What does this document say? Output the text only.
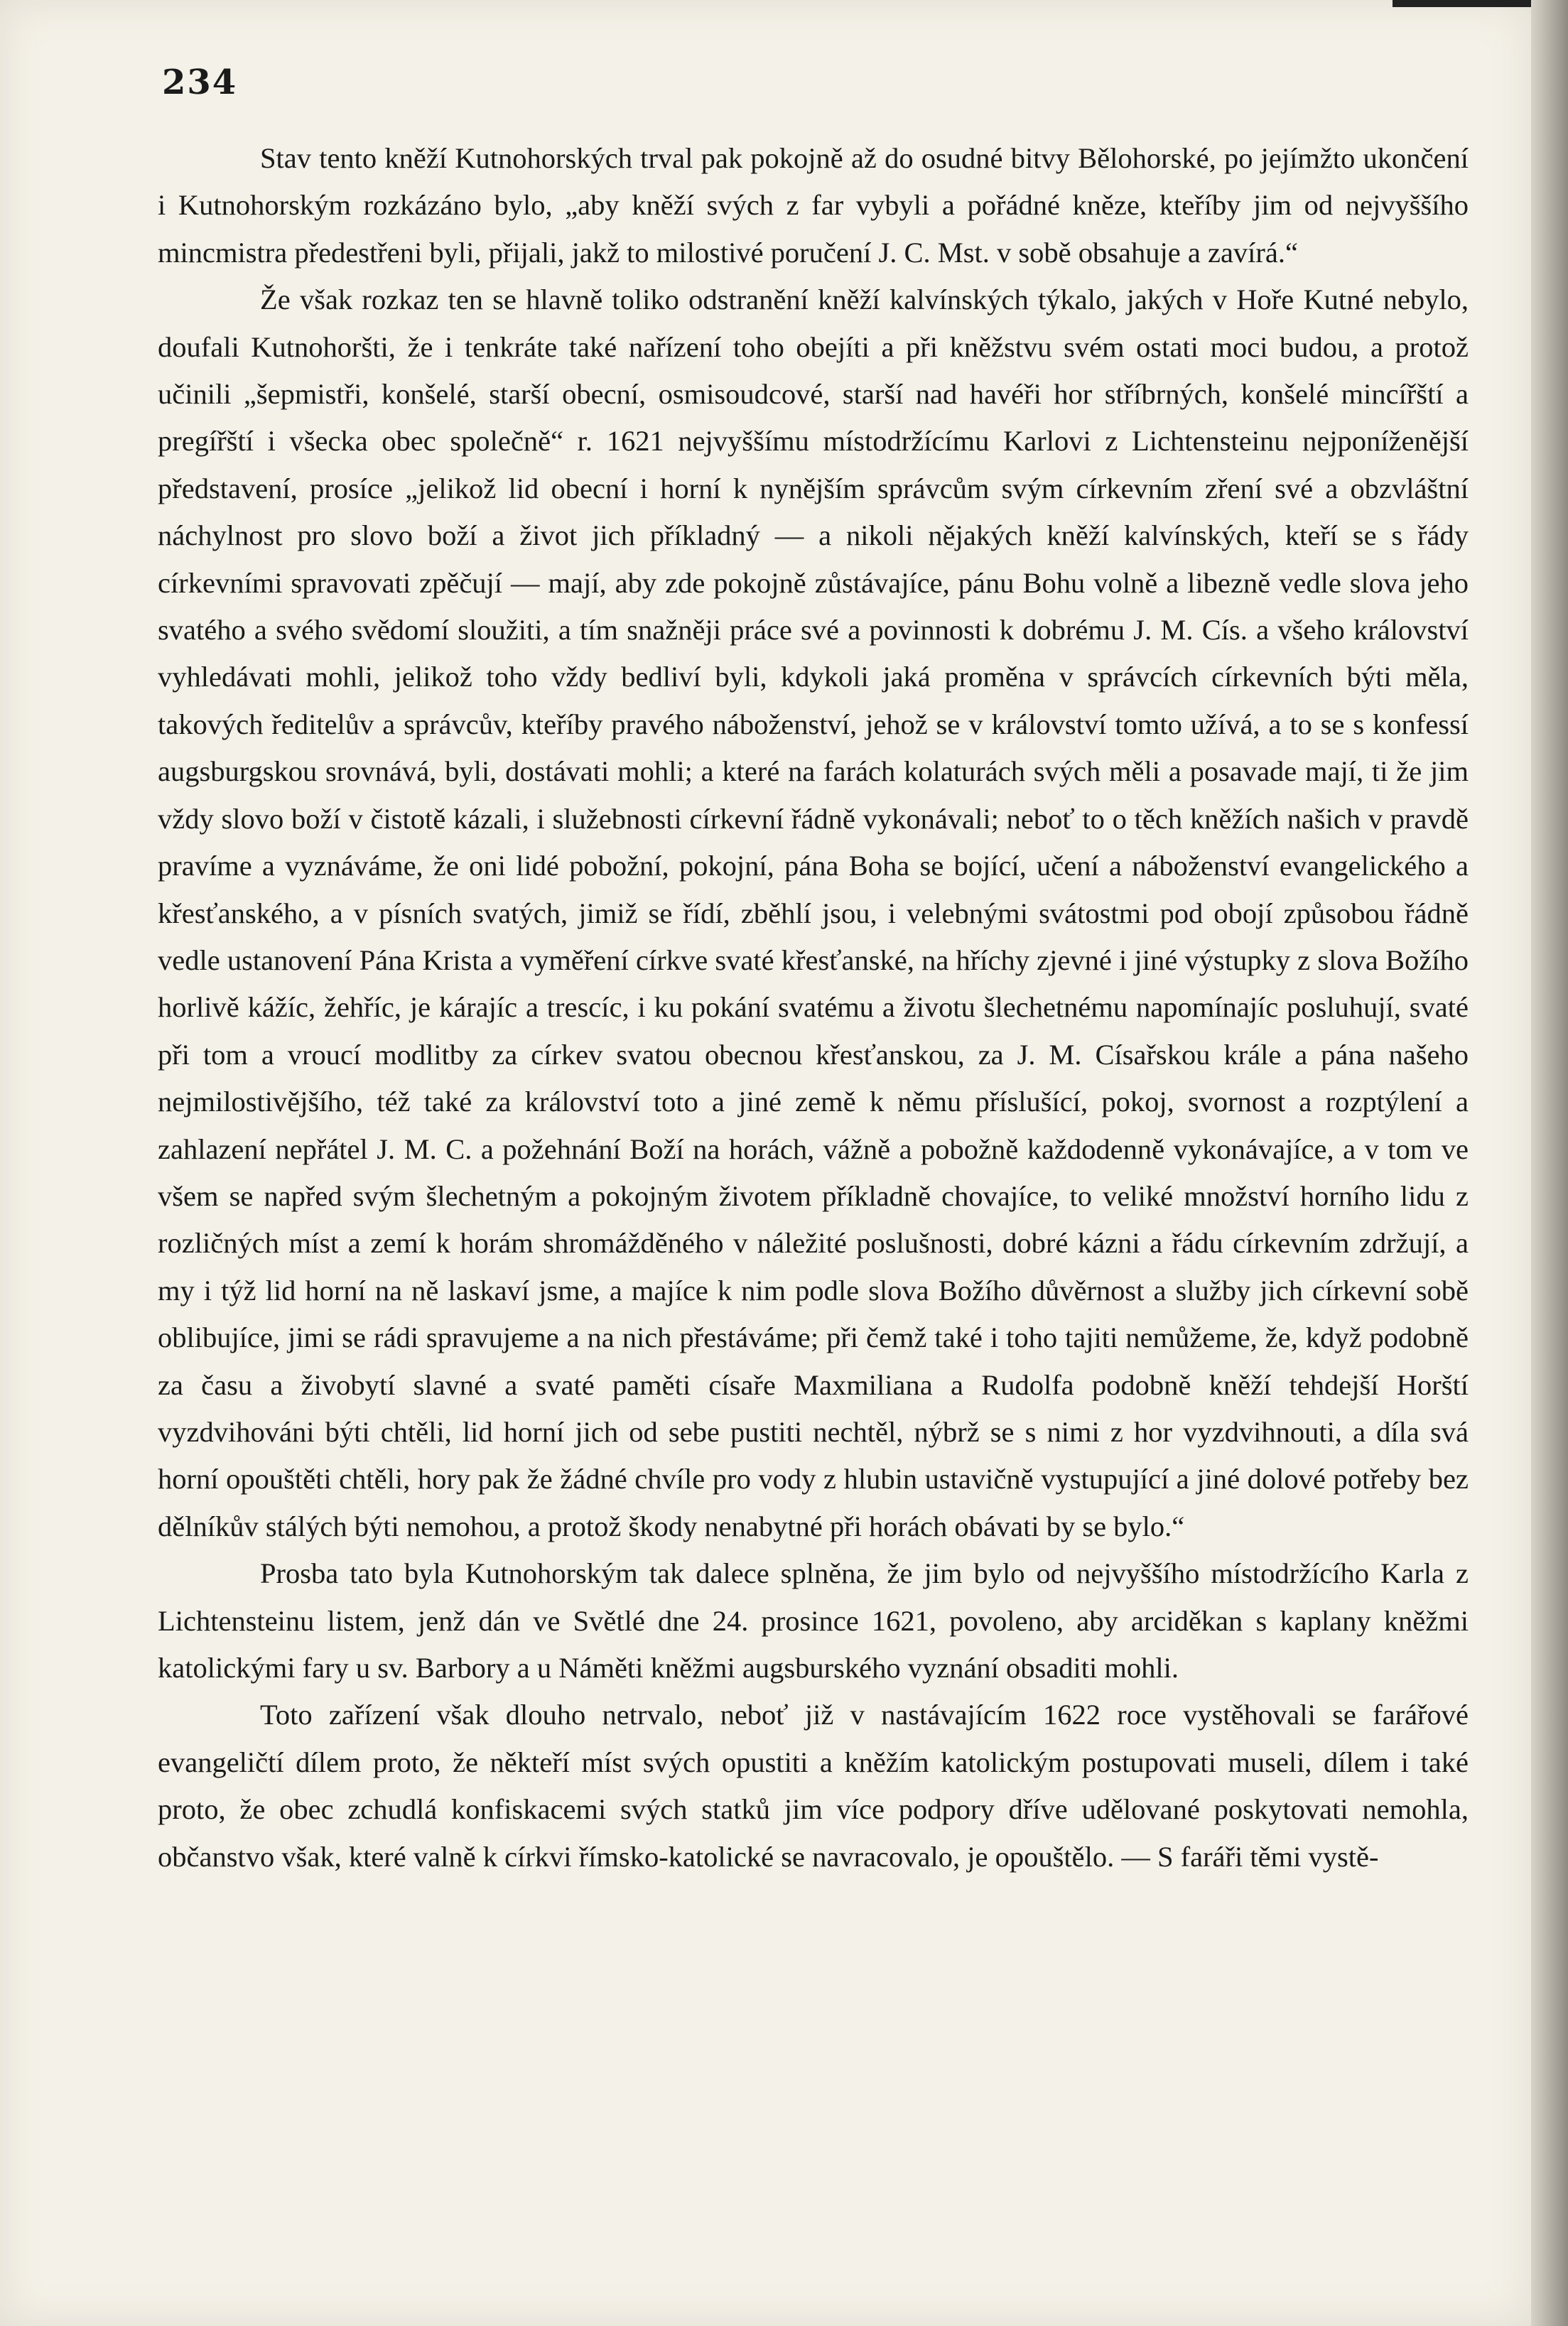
234

Stav tento kněží Kutnohorských trval pak pokojně až do osudné bitvy Bělohorské, po jejímžto ukončení i Kutnohorským rozkázáno bylo, „aby kněží svých z far vybyli a pořádné kněze, kteříby jim od nejvyššího mincmistra předestřeni byli, přijali, jakž to milostivé poručení J. C. Mst. v sobě obsahuje a zavírá.“

Že však rozkaz ten se hlavně toliko odstranění kněží kalvínských týkalo, jakých v Hoře Kutné nebylo, doufali Kutnohoršti, že i tenkráte také nařízení toho obejíti a při kněžstvu svém ostati moci budou, a protož učinili „šepmistři, konšelé, starší obecní, osmisoudcové, starší nad havéři hor stříbrných, konšelé mincířští a pregířští i všecka obec společně“ r. 1621 nejvyššímu místodržícímu Karlovi z Lichtensteinu nejponíženější představení, prosíce „jelikož lid obecní i horní k nynějším správcům svým církevním zření své a obzvláštní náchylnost pro slovo boží a život jich příkladný — a nikoli nějakých kněží kalvínských, kteří se s řády církevními spravovati zpěčují — mají, aby zde pokojně zůstávajíce, pánu Bohu volně a libezně vedle slova jeho svatého a svého svědomí sloužiti, a tím snažněji práce své a povinnosti k dobrému J. M. Cís. a všeho království vyhledávati mohli, jelikož toho vždy bedliví byli, kdykoli jaká proměna v správcích církevních býti měla, takových ředitelův a správcův, kteříby pravého náboženství, jehož se v království tomto užívá, a to se s konfessí augsburgskou srovnává, byli, dostávati mohli; a které na farách kolaturách svých měli a posavade mají, ti že jim vždy slovo boží v čistotě kázali, i služebnosti církevní řádně vykonávali; neboť to o těch kněžích našich v pravdě pravíme a vyznáváme, že oni lidé pobožní, pokojní, pána Boha se bojící, učení a náboženství evangelického a křesťanského, a v písních svatých, jimiž se řídí, zběhlí jsou, i velebnými svátostmi pod obojí způsobou řádně vedle ustanovení Pána Krista a vyměření církve svaté křesťanské, na hříchy zjevné i jiné výstupky z slova Božího horlivě kážíc, žehříc, je kárajíc a trescíc, i ku pokání svatému a životu šlechetnému napomínajíc posluhují, svaté při tom a vroucí modlitby za církev svatou obecnou křesťanskou, za J. M. Císařskou krále a pána našeho nejmilostivějšího, též také za království toto a jiné země k němu příslušící, pokoj, svornost a rozptýlení a zahlazení nepřátel J. M. C. a požehnání Boží na horách, vážně a pobožně každodenně vykonávajíce, a v tom ve všem se napřed svým šlechetným a pokojným životem příkladně chovajíce, to veliké množství horního lidu z rozličných míst a zemí k horám shromážděného v náležité poslušnosti, dobré kázni a řádu církevním zdržují, a my i týž lid horní na ně laskaví jsme, a majíce k nim podle slova Božího důvěrnost a služby jich církevní sobě oblibujíce, jimi se rádi spravujeme a na nich přestáváme; při čemž také i toho tajiti nemůžeme, že, když podobně za času a živobytí slavné a svaté paměti císaře Maxmiliana a Rudolfa podobně kněží tehdejší Horští vyzdvihováni býti chtěli, lid horní jich od sebe pustiti nechtěl, nýbrž se s nimi z hor vyzdvihnouti, a díla svá horní opouštěti chtěli, hory pak že žádné chvíle pro vody z hlubin ustavičně vystupující a jiné dolové potřeby bez dělníkův stálých býti nemohou, a protož škody nenabytné při horách obávati by se bylo.“

Prosba tato byla Kutnohorským tak dalece splněna, že jim bylo od nejvyššího místodržícího Karla z Lichtensteinu listem, jenž dán ve Světlé dne 24. prosince 1621, povoleno, aby arciděkan s kaplany kněžmi katolickými fary u sv. Barbory a u Náměti kněžmi augsburského vyznání obsaditi mohli.

Toto zařízení však dlouho netrvalo, neboť již v nastávajícím 1622 roce vystěhovali se farářové evangeličtí dílem proto, že někteří míst svých opustiti a kněžím katolickým postupovati museli, dílem i také proto, že obec zchudlá konfiskacemi svých statků jim více podpory dříve udělované poskytovati nemohla, občanstvo však, které valně k církvi římsko-katolické se navracovalo, je opouštělo. — S faráři těmi vystě-
